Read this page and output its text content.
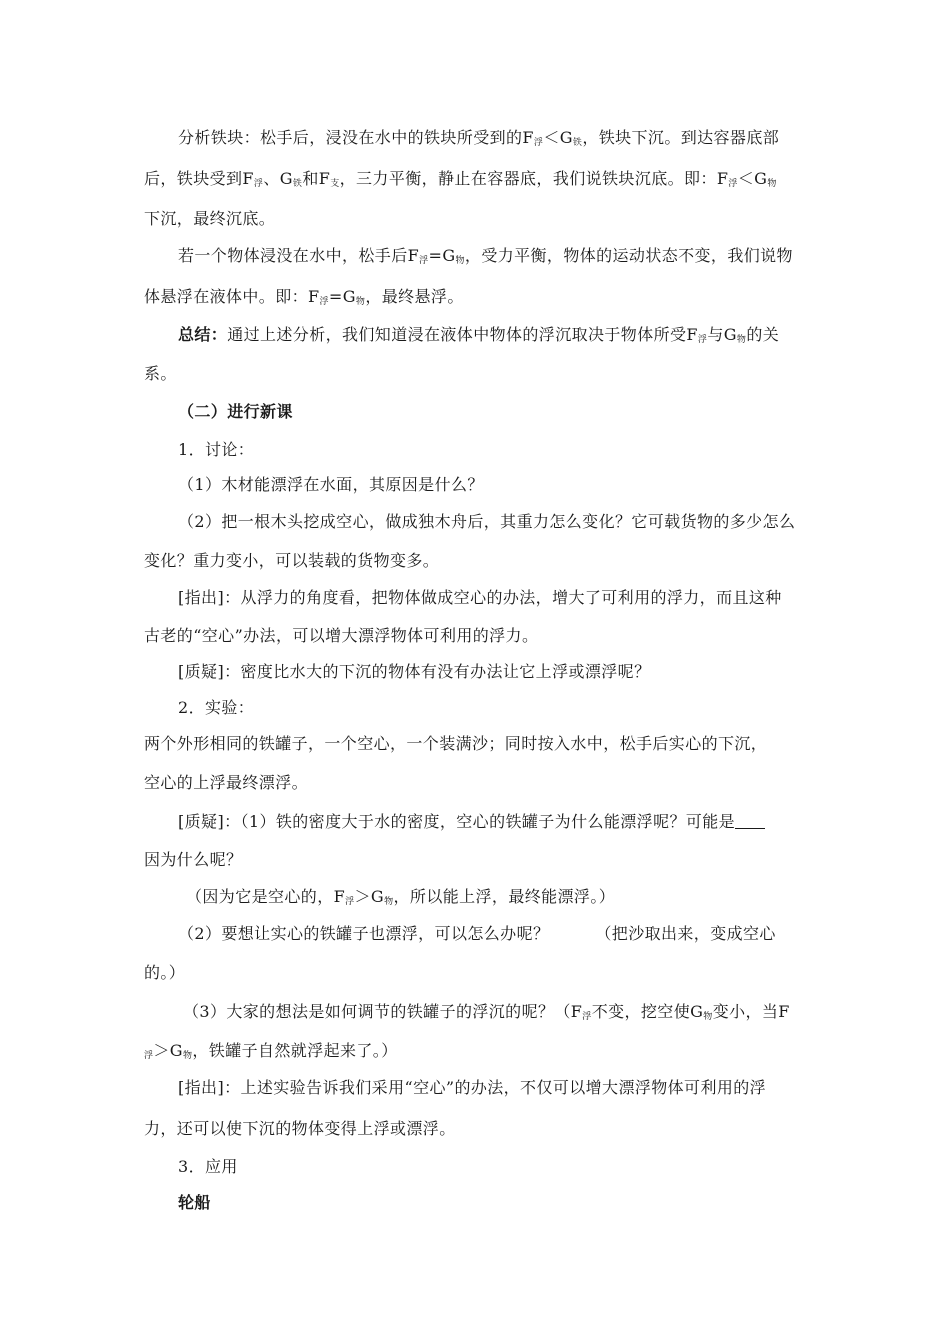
分析铁块：松手后，浸没在水中的铁块所受到的$F_浮<G_铁$，铁块下沉。到达容器底部
后，铁块受到$F_浮$、$G_铁$和$F_支$，三力平衡，静止在容器底，我们说铁块沉底。即：$F_浮<G_物$
下沉，最终沉底。
若一个物体浸没在水中，松手后$F_浮=G_物$，受力平衡，物体的运动状态不变，我们说物
体悬浮在液体中。即：$F_浮=G_物$，最终悬浮。
总结：通过上述分析，我们知道浸在液体中物体的浮沉取决于物体所受$F_浮$与$G_物$的关
系。
（二）进行新课
1．讨论：
（1）木材能漂浮在水面，其原因是什么？
（2）把一根木头挖成空心，做成独木舟后，其重力怎么变化？它可载货物的多少怎么
变化？重力变小，可以装载的货物变多。
[指出]：从浮力的角度看，把物体做成空心的办法，增大了可利用的浮力，而且这种
古老的“空心”办法，可以增大漂浮物体可利用的浮力。
[质疑]：密度比水大的下沉的物体有没有办法让它上浮或漂浮呢？
2．实验：
两个外形相同的铁罐子，一个空心，一个装满沙；同时按入水中，松手后实心的下沉，
空心的上浮最终漂浮。
[质疑]：（1）铁的密度大于水的密度，空心的铁罐子为什么能漂浮呢？可能是
因为什么呢？
（因为它是空心的，$F_浮>G_物$，所以能上浮，最终能漂浮。）
（2）要想让实心的铁罐子也漂浮，可以怎么办呢？	（把沙取出来，变成空心
的。）
（3）大家的想法是如何调节的铁罐子的浮沉的呢？（$F_浮$不变，挖空使$G_物$变小，当F
$_浮>G_物$，铁罐子自然就浮起来了。）
[指出]：上述实验告诉我们采用“空心”的办法，不仅可以增大漂浮物体可利用的浮
力，还可以使下沉的物体变得上浮或漂浮。
3．应用
轮船
